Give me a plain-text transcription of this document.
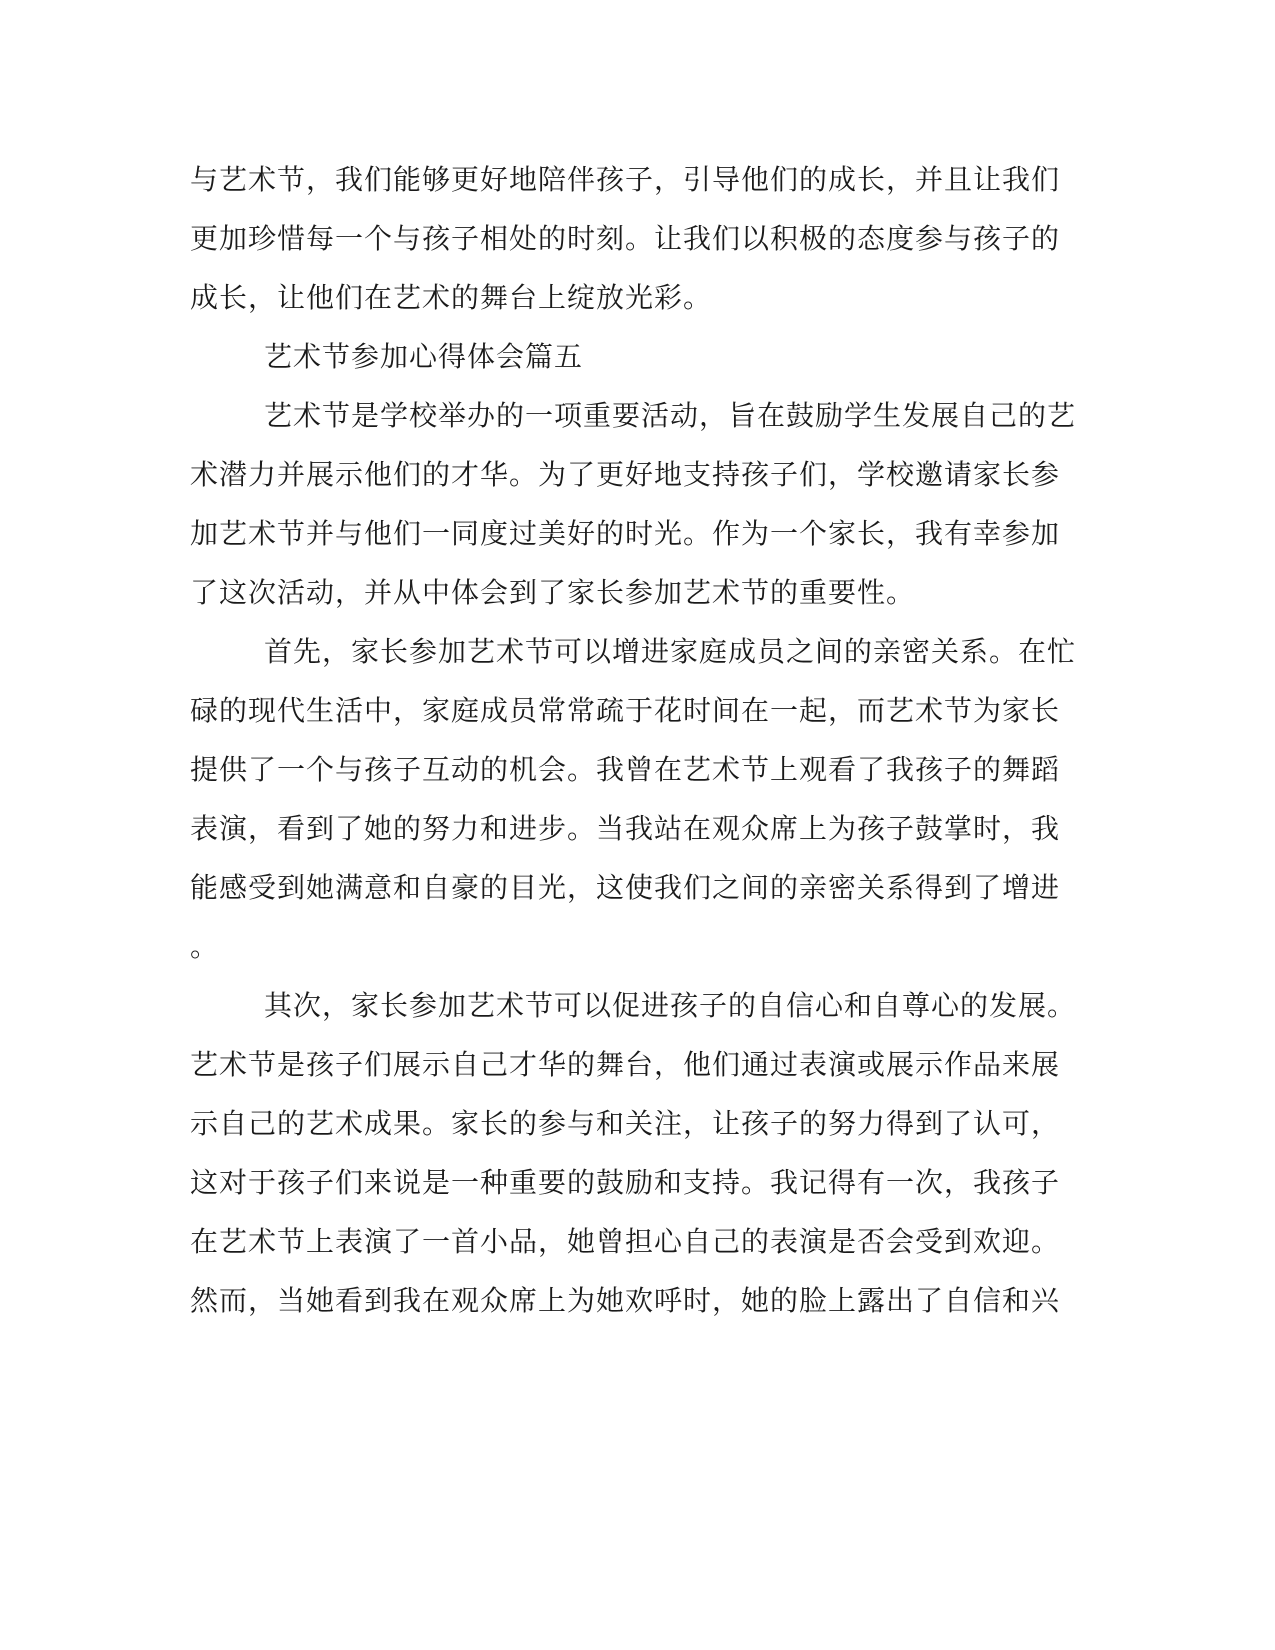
与艺术节，我们能够更好地陪伴孩子，引导他们的成长，并且让我们
更加珍惜每一个与孩子相处的时刻。让我们以积极的态度参与孩子的
成长，让他们在艺术的舞台上绽放光彩。
艺术节参加心得体会篇五
艺术节是学校举办的一项重要活动，旨在鼓励学生发展自己的艺
术潜力并展示他们的才华。为了更好地支持孩子们，学校邀请家长参
加艺术节并与他们一同度过美好的时光。作为一个家长，我有幸参加
了这次活动，并从中体会到了家长参加艺术节的重要性。
首先，家长参加艺术节可以增进家庭成员之间的亲密关系。在忙
碌的现代生活中，家庭成员常常疏于花时间在一起，而艺术节为家长
提供了一个与孩子互动的机会。我曾在艺术节上观看了我孩子的舞蹈
表演，看到了她的努力和进步。当我站在观众席上为孩子鼓掌时，我
能感受到她满意和自豪的目光，这使我们之间的亲密关系得到了增进
。
其次，家长参加艺术节可以促进孩子的自信心和自尊心的发展。
艺术节是孩子们展示自己才华的舞台，他们通过表演或展示作品来展
示自己的艺术成果。家长的参与和关注，让孩子的努力得到了认可，
这对于孩子们来说是一种重要的鼓励和支持。我记得有一次，我孩子
在艺术节上表演了一首小品，她曾担心自己的表演是否会受到欢迎。
然而，当她看到我在观众席上为她欢呼时，她的脸上露出了自信和兴
